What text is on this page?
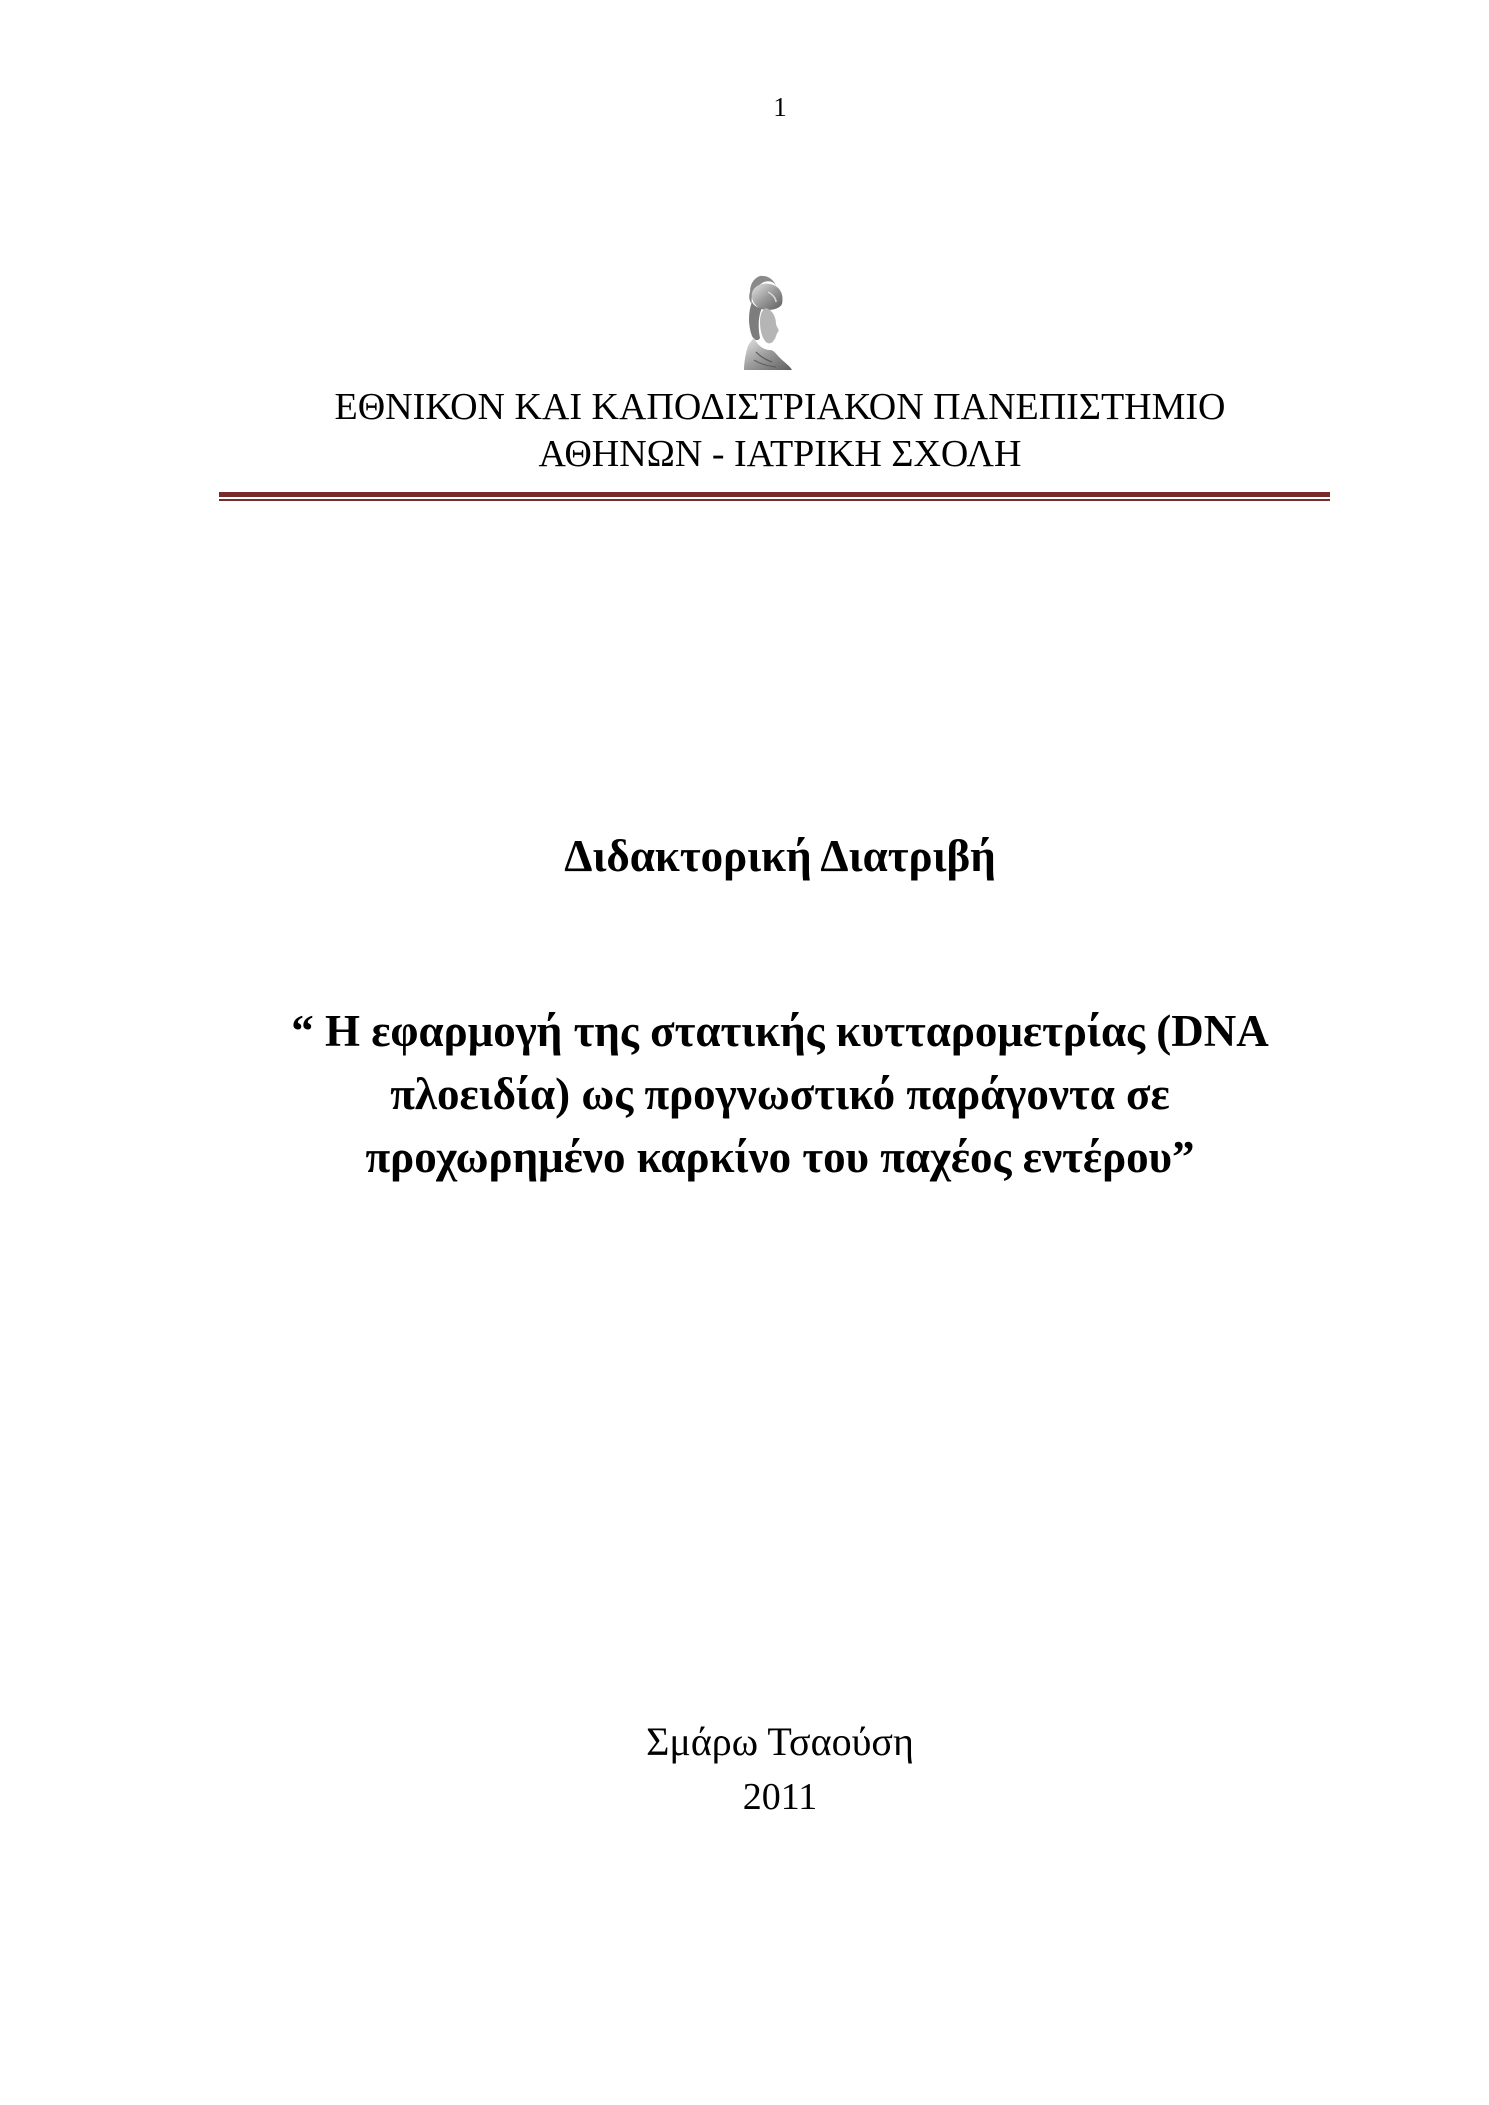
1
ΕΘΝΙΚΟΝ ΚΑΙ ΚΑΠΟΔΙΣΤΡΙΑΚΟΝ ΠΑΝΕΠΙΣΤΗΜΙΟ
ΑΘΗΝΩΝ - ΙΑΤΡΙΚΗ ΣΧΟΛΗ
Διδακτορική Διατριβή
“ Η εφαρμογή της στατικής κυτταρομετρίας (DNA
πλοειδία) ως προγνωστικό παράγοντα σε
προχωρημένο καρκίνο του παχέος εντέρου”
Σμάρω Τσαούση
2011
